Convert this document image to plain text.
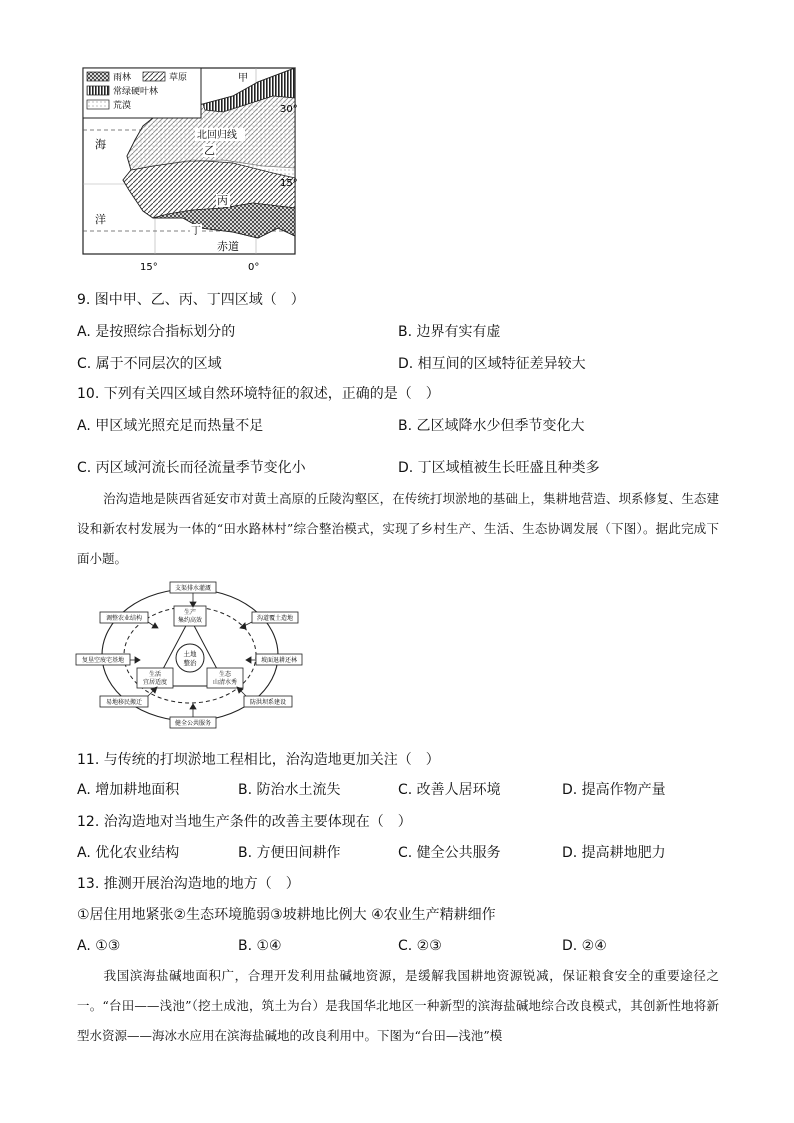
雨林	草原
常绿硬叶林
荒漠
甲
海
洋
北回归线
乙
丙
丁
赤道
30°
15°
15°	0°
9. 图中甲、乙、丙、丁四区域（　）
A. 是按照综合指标划分的	B. 边界有实有虚
C. 属于不同层次的区域	D. 相互间的区域特征差异较大
10. 下列有关四区域自然环境特征的叙述，正确的是（　）
A. 甲区域光照充足而热量不足	B. 乙区域降水少但季节变化大
C. 丙区域河流长而径流量季节变化小	D. 丁区域植被生长旺盛且种类多
治沟造地是陕西省延安市对黄土高原的丘陵沟壑区，在传统打坝淤地的基础上，集耕地营造、坝系修复、生态建设和新农村发展为一体的“田水路林村”综合整治模式，实现了乡村生产、生活、生态协调发展（下图）。据此完成下面小题。
土地
整治
生产
集约高效
生活
宜居适度
生态
山清水秀
支渠排水灌溉
沟道覆土造地
坡面退耕还林
防洪坝系建设
健全公共服务
易地移民搬迁
复垦空废宅基地
调整农业结构
11. 与传统的打坝淤地工程相比，治沟造地更加关注（　）
A. 增加耕地面积	B. 防治水土流失	C. 改善人居环境	D. 提高作物产量
12. 治沟造地对当地生产条件的改善主要体现在（　）
A. 优化农业结构	B. 方便田间耕作	C. 健全公共服务	D. 提高耕地肥力
13. 推测开展治沟造地的地方（　）
①居住用地紧张②生态环境脆弱③坡耕地比例大 ④农业生产精耕细作
A. ①③	B. ①④	C. ②③	D. ②④
我国滨海盐碱地面积广，合理开发利用盐碱地资源，是缓解我国耕地资源锐减，保证粮食安全的重要途径之一。“台田——浅池”（挖土成池，筑土为台）是我国华北地区一种新型的滨海盐碱地综合改良模式，其创新性地将新型水资源——海冰水应用在滨海盐碱地的改良利用中。下图为“台田—浅池”模
